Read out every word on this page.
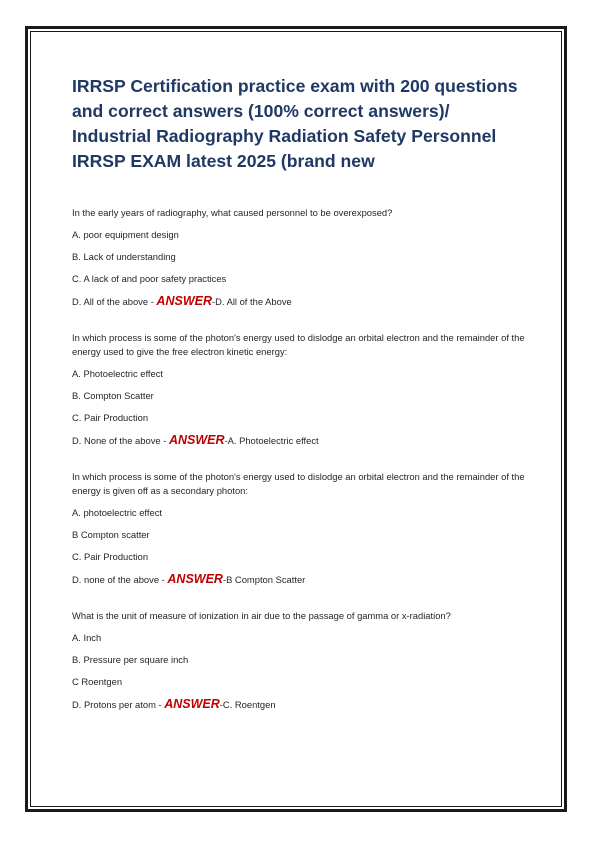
IRRSP Certification practice exam with 200 questions and correct answers (100% correct answers)/ Industrial Radiography Radiation Safety Personnel IRRSP EXAM latest 2025 (brand new

In the early years of radiography, what caused personnel to be overexposed?

A. poor equipment design

B. Lack of understanding

C. A lack of and poor safety practices

D. All of the above - ANSWER-D. All of the Above

In which process is some of the photon's energy used to dislodge an orbital electron and the remainder of the energy used to give the free electron kinetic energy:

A. Photoelectric effect

B. Compton Scatter

C. Pair Production

D. None of the above - ANSWER-A. Photoelectric effect

In which process is some of the photon's energy used to dislodge an orbital electron and the remainder of the energy is given off as a secondary photon:

A. photoelectric effect

B Compton scatter

C. Pair Production

D. none of the above - ANSWER-B Compton Scatter

What is the unit of measure of ionization in air due to the passage of gamma or x-radiation?

A. Inch

B. Pressure per square inch

C Roentgen

D. Protons per atom - ANSWER-C. Roentgen
